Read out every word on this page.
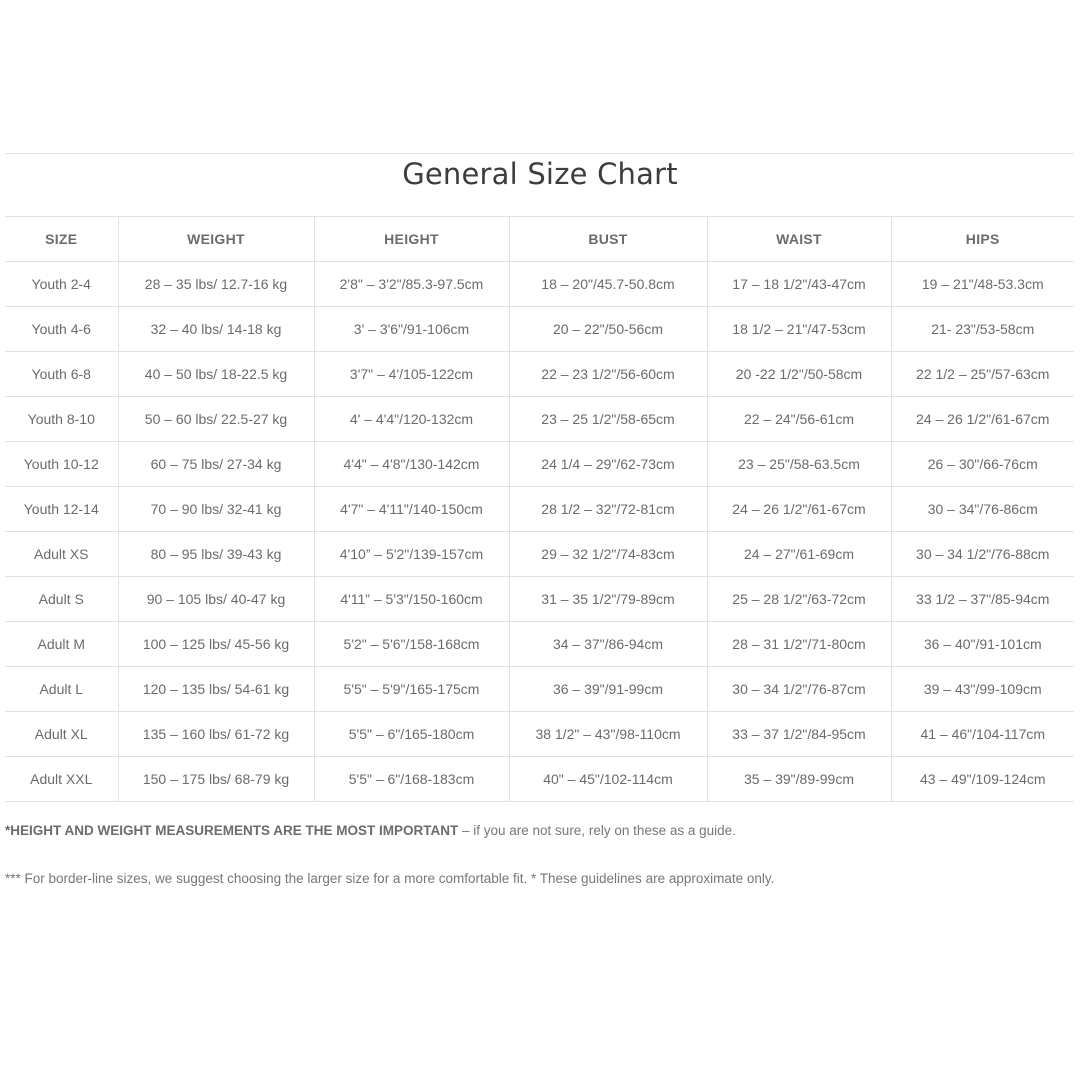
General Size Chart
SIZE	WEIGHT	HEIGHT	BUST	WAIST	HIPS
Youth 2-4	28 – 35 lbs/ 12.7-16 kg	2'8" – 3'2"/85.3-97.5cm	18 – 20"/45.7-50.8cm	17 – 18 1/2"/43-47cm	19 – 21"/48-53.3cm
Youth 4-6	32 – 40 lbs/ 14-18 kg	3' – 3'6"/91-106cm	20 – 22"/50-56cm	18 1/2 – 21"/47-53cm	21- 23"/53-58cm
Youth 6-8	40 – 50 lbs/ 18-22.5 kg	3'7" – 4'/105-122cm	22 – 23 1/2"/56-60cm	20 -22 1/2"/50-58cm	22 1/2 – 25"/57-63cm
Youth 8-10	50 – 60 lbs/ 22.5-27 kg	4' – 4'4"/120-132cm	23 – 25 1/2"/58-65cm	22 – 24"/56-61cm	24 – 26 1/2"/61-67cm
Youth 10-12	60 – 75 lbs/ 27-34 kg	4'4" – 4'8"/130-142cm	24 1/4 – 29"/62-73cm	23 – 25"/58-63.5cm	26 – 30"/66-76cm
Youth 12-14	70 – 90 lbs/ 32-41 kg	4'7" – 4'11"/140-150cm	28 1/2 – 32"/72-81cm	24 – 26 1/2"/61-67cm	30 – 34"/76-86cm
Adult XS	80 – 95 lbs/ 39-43 kg	4'10” – 5'2"/139-157cm	29 – 32 1/2"/74-83cm	24 – 27"/61-69cm	30 – 34 1/2"/76-88cm
Adult S	90 – 105 lbs/ 40-47 kg	4'11” – 5'3"/150-160cm	31 – 35 1/2"/79-89cm	25 – 28 1/2"/63-72cm	33 1/2 – 37"/85-94cm
Adult M	100 – 125 lbs/ 45-56 kg	5'2" – 5'6"/158-168cm	34 – 37"/86-94cm	28 – 31 1/2"/71-80cm	36 – 40"/91-101cm
Adult L	120 – 135 lbs/ 54-61 kg	5'5" – 5'9"/165-175cm	36 – 39"/91-99cm	30 – 34 1/2"/76-87cm	39 – 43"/99-109cm
Adult XL	135 – 160 lbs/ 61-72 kg	5'5" – 6"/165-180cm	38 1/2" – 43"/98-110cm	33 – 37 1/2"/84-95cm	41 – 46"/104-117cm
Adult XXL	150 – 175 lbs/ 68-79 kg	5'5" – 6"/168-183cm	40" – 45"/102-114cm	35 – 39"/89-99cm	43 – 49"/109-124cm
*HEIGHT AND WEIGHT MEASUREMENTS ARE THE MOST IMPORTANT – if you are not sure, rely on these as a guide.
*** For border-line sizes, we suggest choosing the larger size for a more comfortable fit. * These guidelines are approximate only.
